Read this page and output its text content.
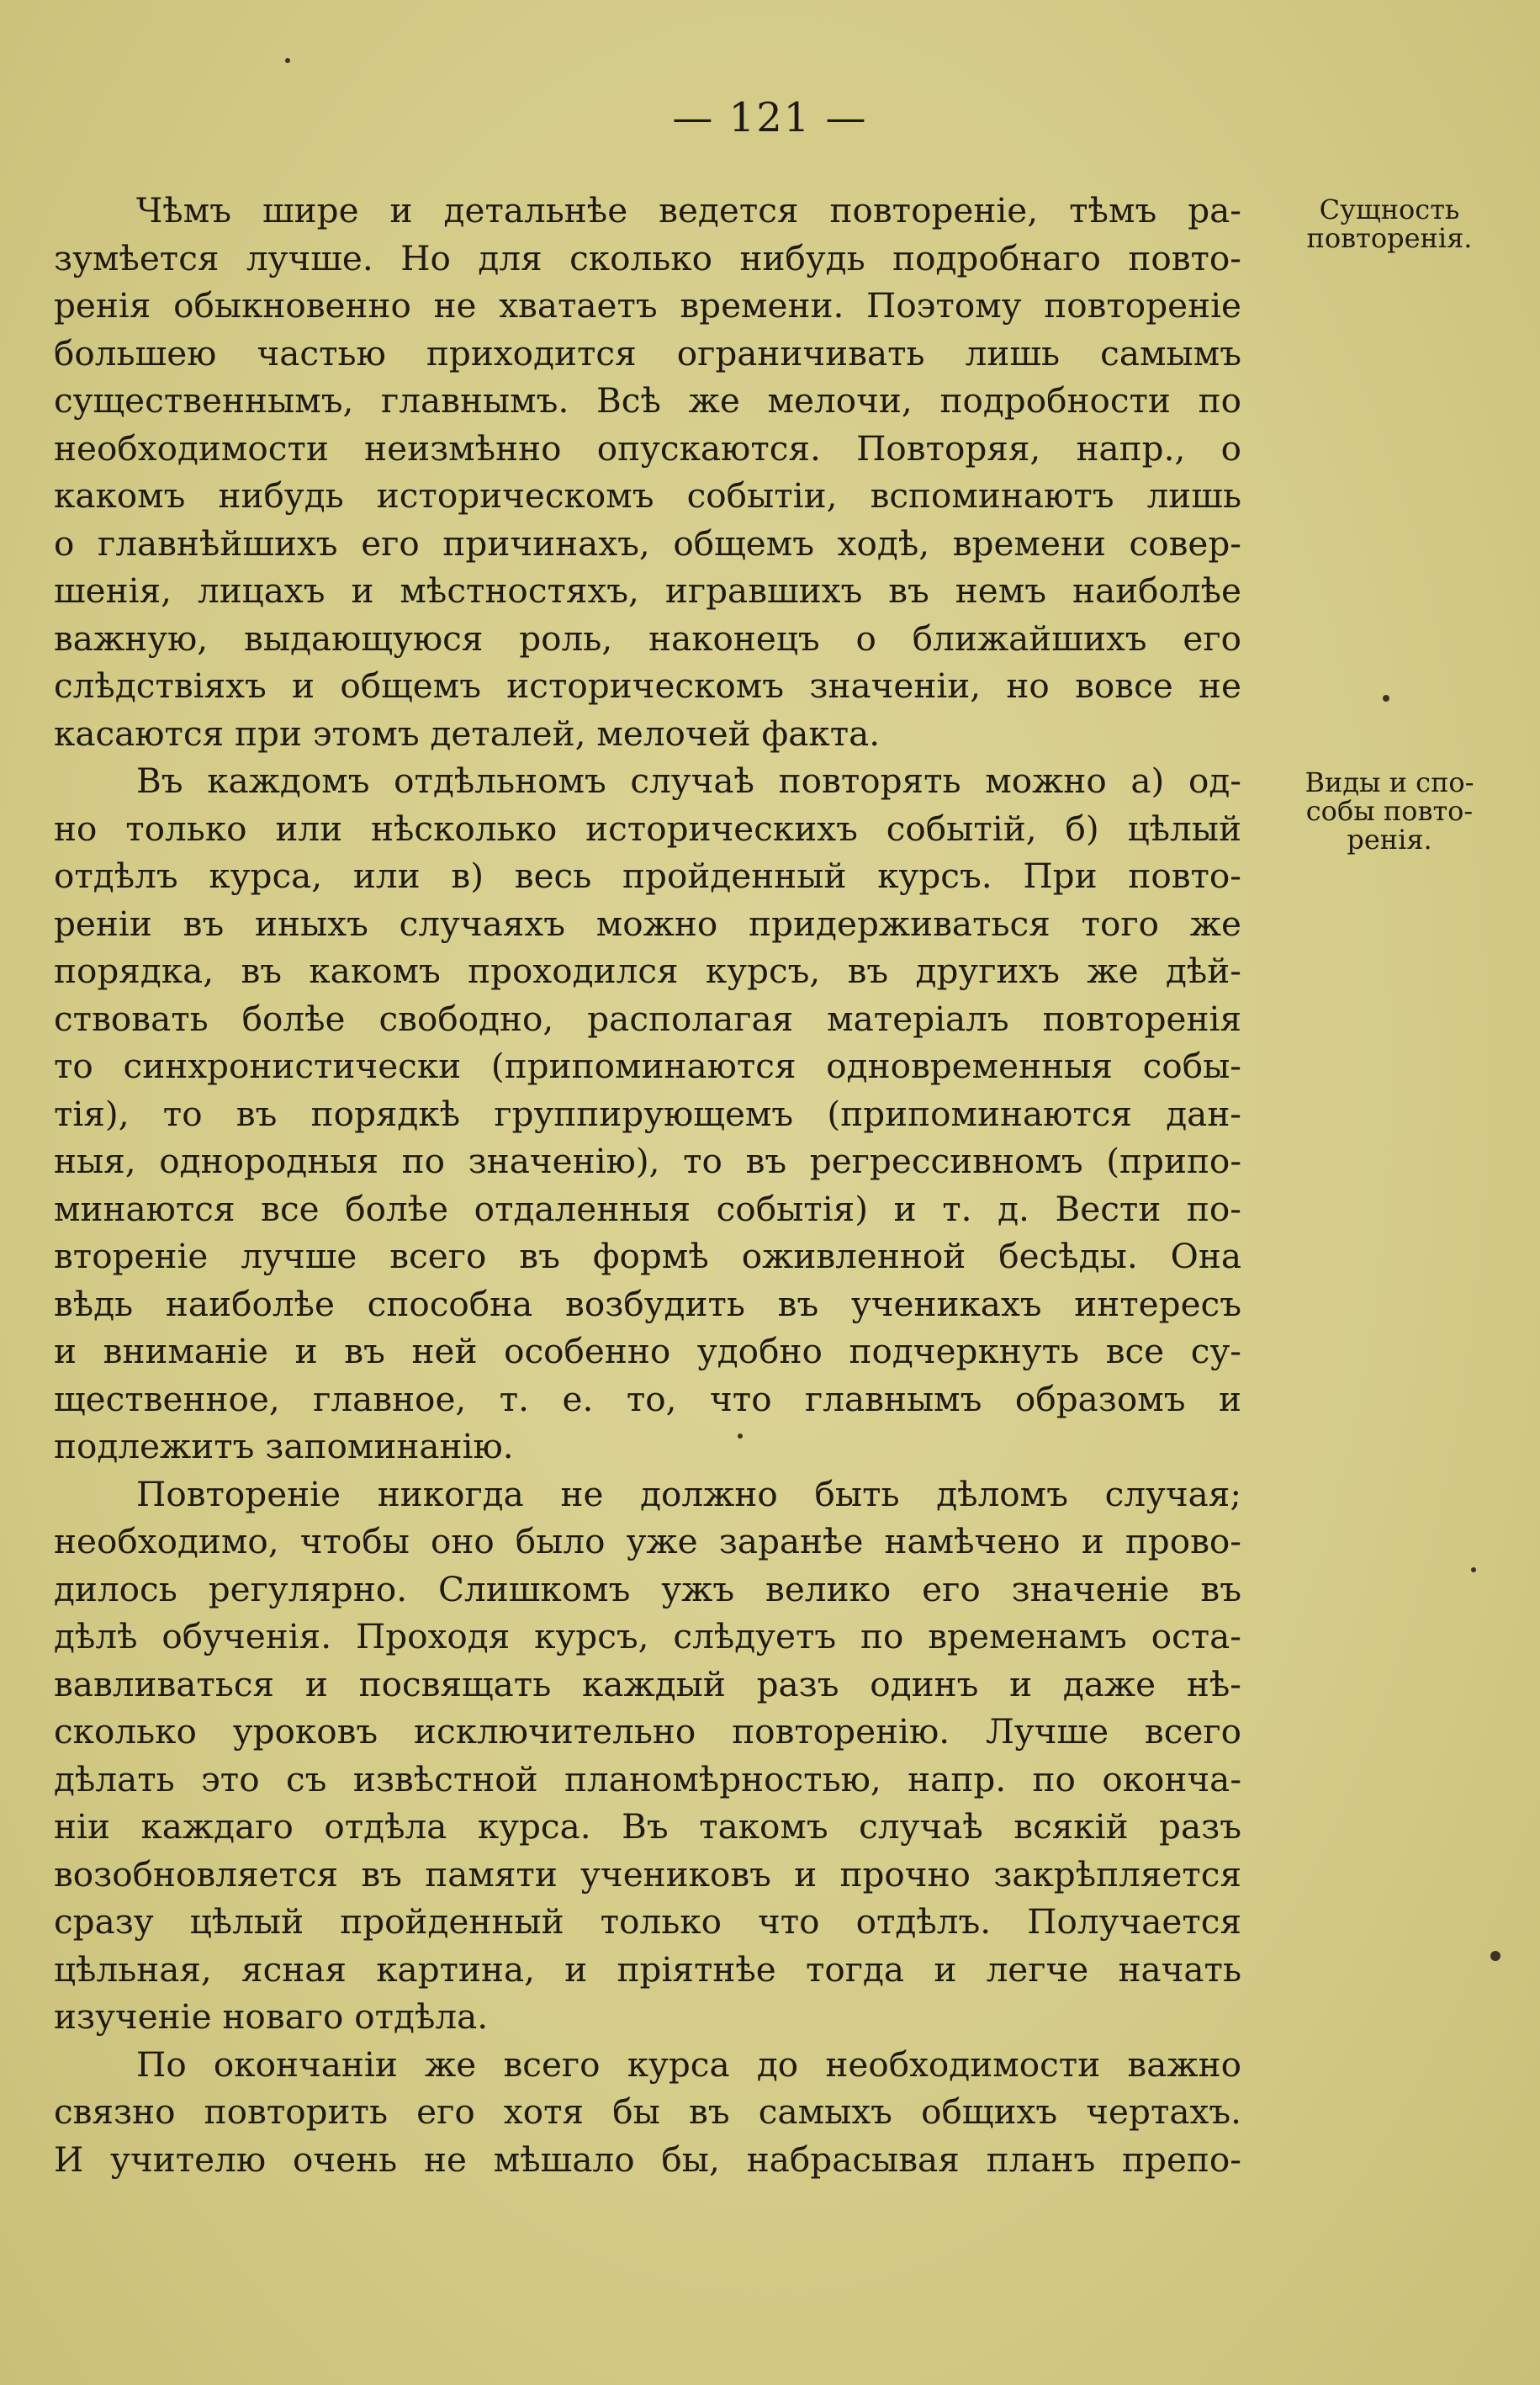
— 121 —
Чѣмъ шире и детальнѣе ведется повтореніе, тѣмъ ра-
зумѣется лучше. Но для сколько нибудь подробнаго повто-
ренія обыкновенно не хватаетъ времени. Поэтому повтореніе
большею частью приходится ограничивать лишь самымъ
существеннымъ, главнымъ. Всѣ же мелочи, подробности по
необходимости неизмѣнно опускаются. Повторяя, напр., о
какомъ нибудь историческомъ событіи, вспоминаютъ лишь
о главнѣйшихъ его причинахъ, общемъ ходѣ, времени совер-
шенія, лицахъ и мѣстностяхъ, игравшихъ въ немъ наиболѣе
важную, выдающуюся роль, наконецъ о ближайшихъ его
слѣдствіяхъ и общемъ историческомъ значеніи, но вовсе не
касаются при этомъ деталей, мелочей факта.
Въ каждомъ отдѣльномъ случаѣ повторять можно а) од-
но только или нѣсколько историческихъ событій, б) цѣлый
отдѣлъ курса, или в) весь пройденный курсъ. При повто-
реніи въ иныхъ случаяхъ можно придерживаться того же
порядка, въ какомъ проходился курсъ, въ другихъ же дѣй-
ствовать болѣе свободно, располагая матеріалъ повторенія
то синхронистически (припоминаются одновременныя собы-
тія), то въ порядкѣ группирующемъ (припоминаются дан-
ныя, однородныя по значенію), то въ регрессивномъ (припо-
минаются все болѣе отдаленныя событія) и т. д. Вести по-
втореніе лучше всего въ формѣ оживленной бесѣды. Она
вѣдь наиболѣе способна возбудить въ ученикахъ интересъ
и вниманіе и въ ней особенно удобно подчеркнуть все су-
щественное, главное, т. е. то, что главнымъ образомъ и
подлежитъ запоминанію.
Повтореніе никогда не должно быть дѣломъ случая;
необходимо, чтобы оно было уже заранѣе намѣчено и прово-
дилось регулярно. Слишкомъ ужъ велико его значеніе въ
дѣлѣ обученія. Проходя курсъ, слѣдуетъ по временамъ оста-
вавливаться и посвящать каждый разъ одинъ и даже нѣ-
сколько уроковъ исключительно повторенію. Лучше всего
дѣлать это съ извѣстной планомѣрностью, напр. по оконча-
ніи каждаго отдѣла курса. Въ такомъ случаѣ всякій разъ
возобновляется въ памяти учениковъ и прочно закрѣпляется
сразу цѣлый пройденный только что отдѣлъ. Получается
цѣльная, ясная картина, и пріятнѣе тогда и легче начать
изученіе новаго отдѣла.
По окончаніи же всего курса до необходимости важно
связно повторить его хотя бы въ самыхъ общихъ чертахъ.
И учителю очень не мѣшало бы, набрасывая планъ препо-
Сущность
повторенія.
Виды и спо-
собы повто-
ренія.
